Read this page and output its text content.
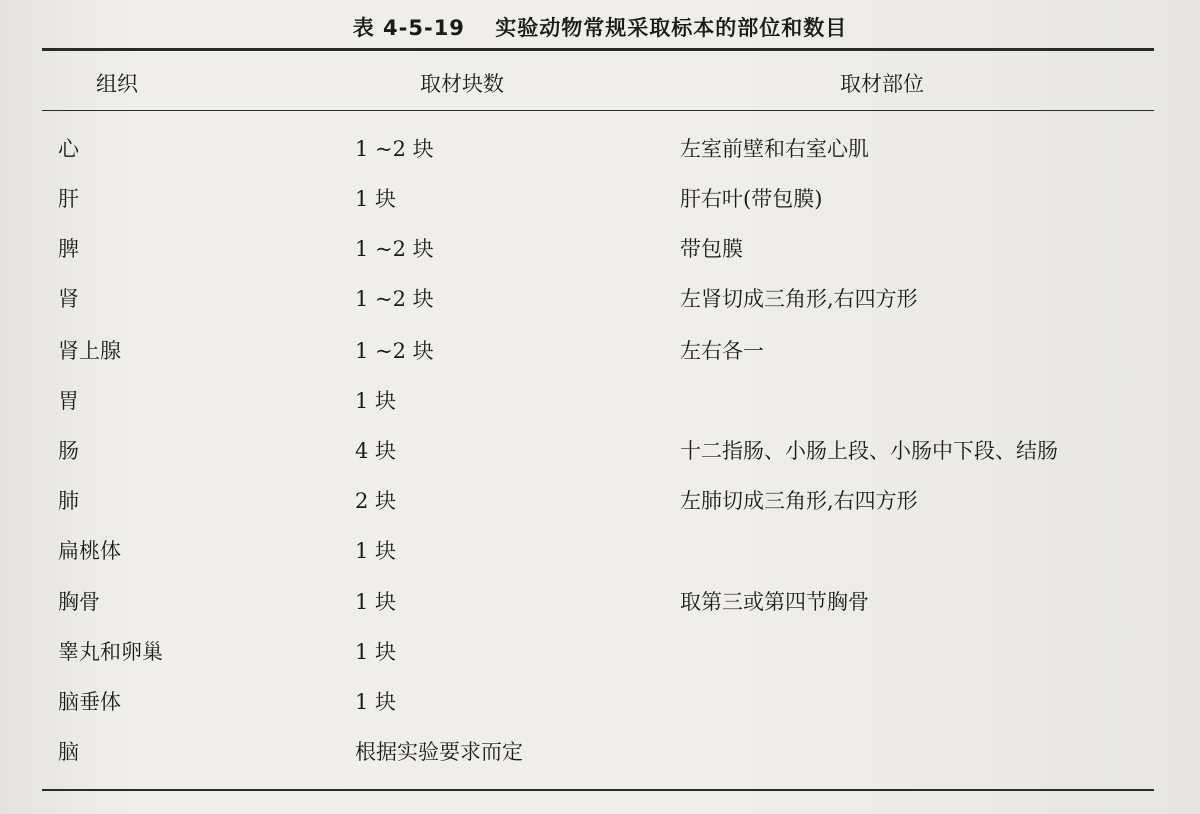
表 4-5-19 实验动物常规采取标本的部位和数目
组织	取材块数	取材部位
心	1 ~2 块	左室前壁和右室心肌
肝	1 块	肝右叶(带包膜)
脾	1 ~2 块	带包膜
肾	1 ~2 块	左肾切成三角形,右四方形
肾上腺	1 ~2 块	左右各一
胃	1 块
肠	4 块	十二指肠、小肠上段、小肠中下段、结肠
肺	2 块	左肺切成三角形,右四方形
扁桃体	1 块
胸骨	1 块	取第三或第四节胸骨
睾丸和卵巢	1 块
脑垂体	1 块
脑	根据实验要求而定
